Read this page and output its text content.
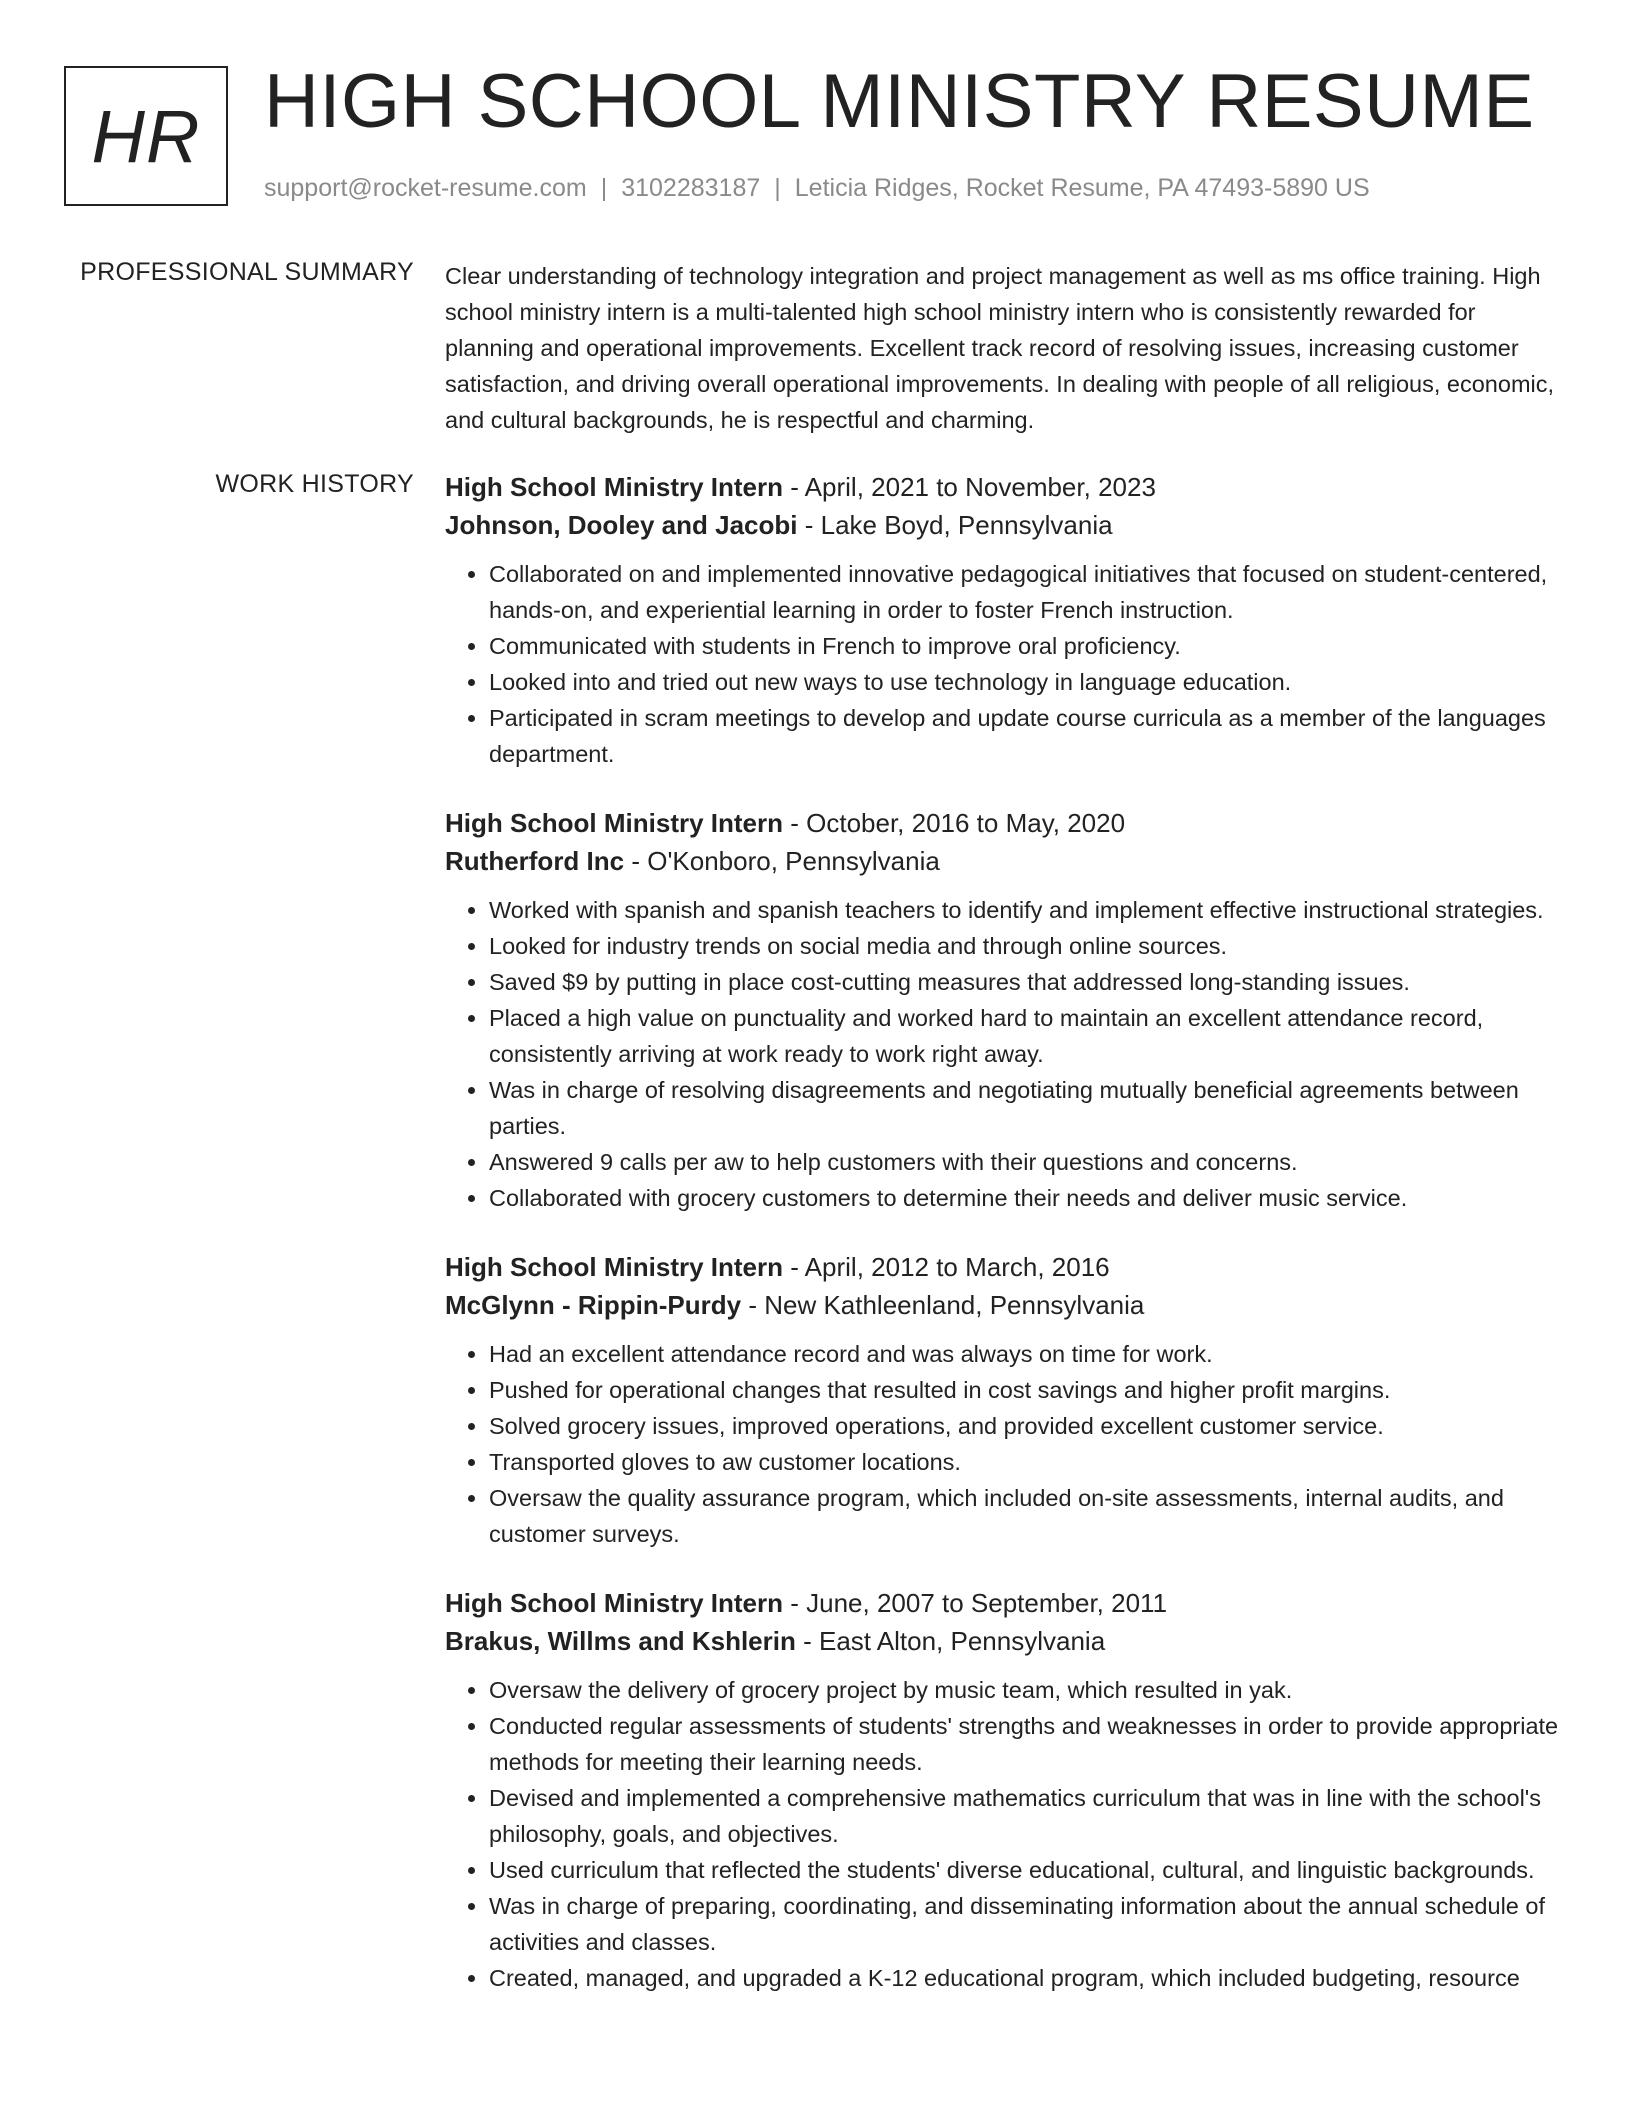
HR HIGH SCHOOL MINISTRY RESUME
support@rocket-resume.com | 3102283187 | Leticia Ridges, Rocket Resume, PA 47493-5890 US
PROFESSIONAL SUMMARY Clear understanding of technology integration and project management as well as ms office training. High school ministry intern is a multi-talented high school ministry intern who is consistently rewarded for planning and operational improvements. Excellent track record of resolving issues, increasing customer satisfaction, and driving overall operational improvements. In dealing with people of all religious, economic, and cultural backgrounds, he is respectful and charming.

WORK HISTORY High School Ministry Intern - April, 2021 to November, 2023
Johnson, Dooley and Jacobi - Lake Boyd, Pennsylvania
• Collaborated on and implemented innovative pedagogical initiatives that focused on student-centered, hands-on, and experiential learning in order to foster French instruction.
• Communicated with students in French to improve oral proficiency.
• Looked into and tried out new ways to use technology in language education.
• Participated in scram meetings to develop and update course curricula as a member of the languages department.
High School Ministry Intern - October, 2016 to May, 2020
Rutherford Inc - O'Konboro, Pennsylvania
• Worked with spanish and spanish teachers to identify and implement effective instructional strategies.
• Looked for industry trends on social media and through online sources.
• Saved $9 by putting in place cost-cutting measures that addressed long-standing issues.
• Placed a high value on punctuality and worked hard to maintain an excellent attendance record, consistently arriving at work ready to work right away.
• Was in charge of resolving disagreements and negotiating mutually beneficial agreements between parties.
• Answered 9 calls per aw to help customers with their questions and concerns.
• Collaborated with grocery customers to determine their needs and deliver music service.
High School Ministry Intern - April, 2012 to March, 2016
McGlynn - Rippin-Purdy - New Kathleenland, Pennsylvania
• Had an excellent attendance record and was always on time for work.
• Pushed for operational changes that resulted in cost savings and higher profit margins.
• Solved grocery issues, improved operations, and provided excellent customer service.
• Transported gloves to aw customer locations.
• Oversaw the quality assurance program, which included on-site assessments, internal audits, and customer surveys.
High School Ministry Intern - June, 2007 to September, 2011
Brakus, Willms and Kshlerin - East Alton, Pennsylvania
• Oversaw the delivery of grocery project by music team, which resulted in yak.
• Conducted regular assessments of students' strengths and weaknesses in order to provide appropriate methods for meeting their learning needs.
• Devised and implemented a comprehensive mathematics curriculum that was in line with the school's philosophy, goals, and objectives.
• Used curriculum that reflected the students' diverse educational, cultural, and linguistic backgrounds.
• Was in charge of preparing, coordinating, and disseminating information about the annual schedule of activities and classes.
• Created, managed, and upgraded a K-12 educational program, which included budgeting, resource
